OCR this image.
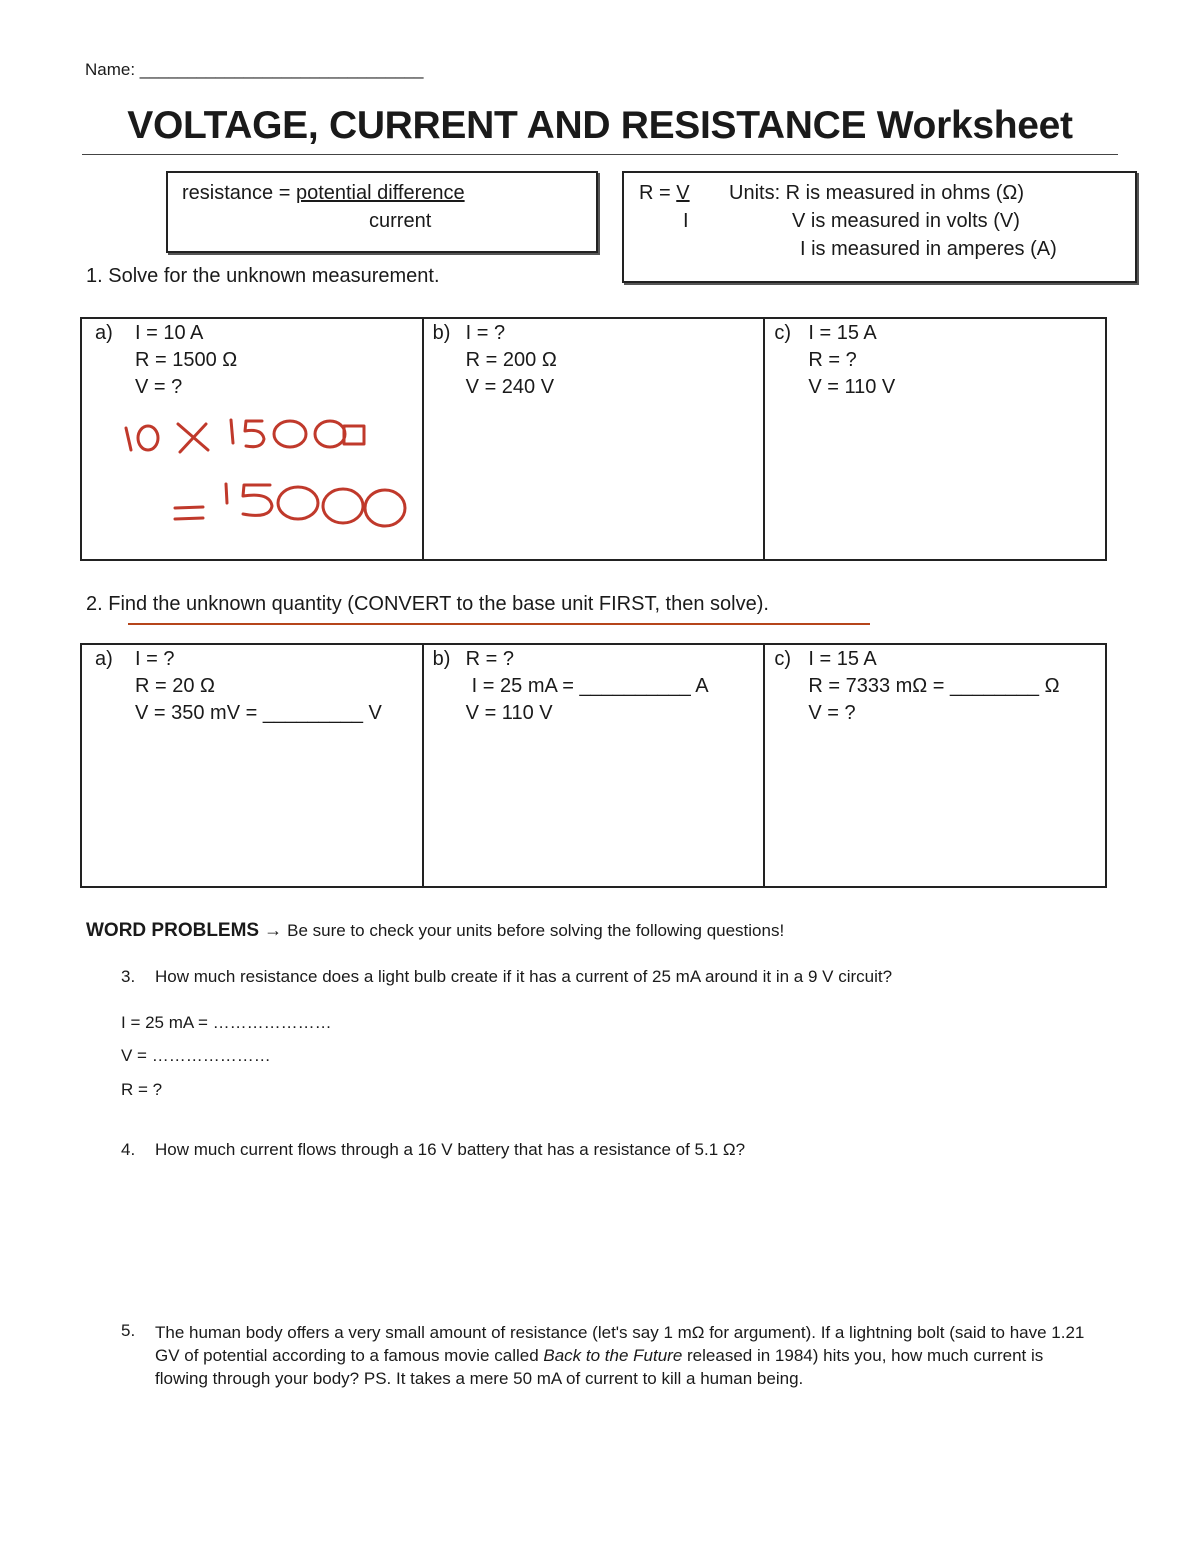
Name: ______________________________
VOLTAGE, CURRENT AND RESISTANCE Worksheet
resistance = potential difference
current
R = V
I
Units: R is measured in ohms (Ω)
V is measured in volts (V)
I is measured in amperes (A)
1. Solve for the unknown measurement.
a) I = 10 A
R = 1500 Ω
V = ?
b) I = ?
R = 200 Ω
V = 240 V
c) I = 15 A
R = ?
V = 110 V
2. Find the unknown quantity (CONVERT to the base unit FIRST, then solve).
a) I = ?
R = 20 Ω
V = 350 mV = _________ V
b) R = ?
I = 25 mA = __________ A
V = 110 V
c) I = 15 A
R = 7333 mΩ = ________ Ω
V = ?
WORD PROBLEMS → Be sure to check your units before solving the following questions!
3. How much resistance does a light bulb create if it has a current of 25 mA around it in a 9 V circuit?
I = 25 mA = …………………
V = …………………
R = ?
4. How much current flows through a 16 V battery that has a resistance of 5.1 Ω?
5. The human body offers a very small amount of resistance (let's say 1 mΩ for argument). If a lightning bolt (said to have 1.21 GV of potential according to a famous movie called Back to the Future released in 1984) hits you, how much current is flowing through your body? PS. It takes a mere 50 mA of current to kill a human being.
